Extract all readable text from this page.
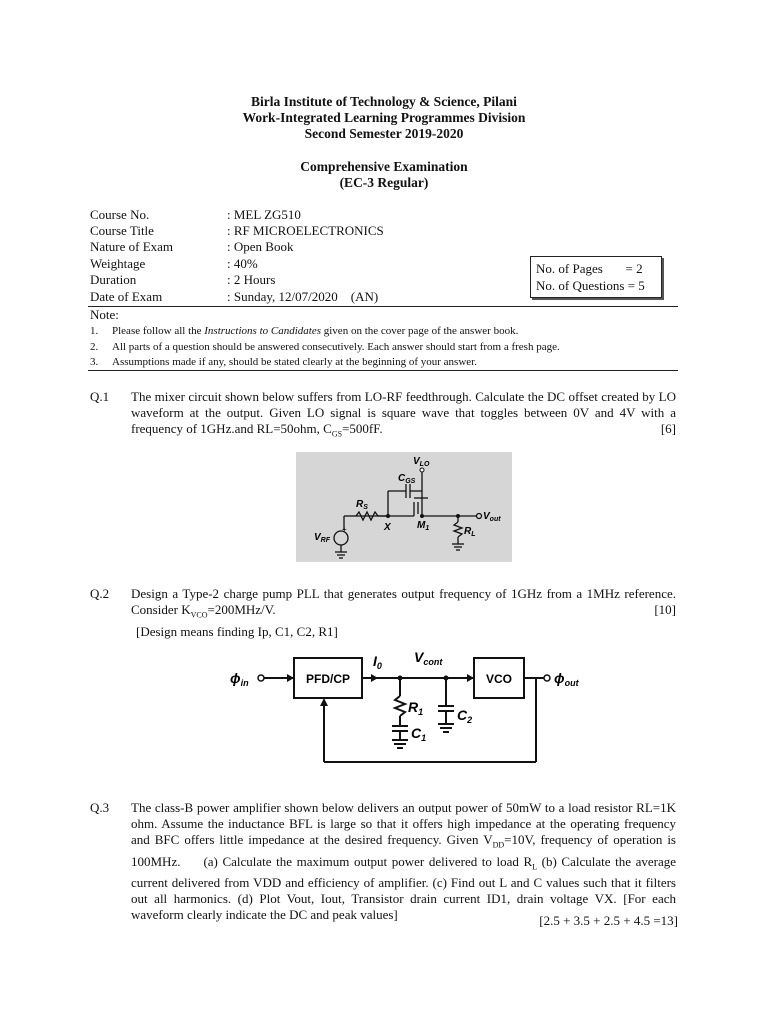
Birla Institute of Technology & Science, Pilani
Work-Integrated Learning Programmes Division
Second Semester 2019-2020
Comprehensive Examination
(EC-3 Regular)
Course No.	: MEL ZG510
Course Title	: RF MICROELECTRONICS
Nature of Exam	: Open Book
Weightage	: 40%
Duration	: 2 Hours
Date of Exam	: Sunday, 12/07/2020    (AN)
No. of Pages       = 2
No. of Questions = 5
Note:
1. Please follow all the Instructions to Candidates given on the cover page of the answer book.
2. All parts of a question should be answered consecutively. Each answer should start from a fresh page.
3. Assumptions made if any, should be stated clearly at the beginning of your answer.
Q.1 The mixer circuit shown below suffers from LO-RF feedthrough. Calculate the DC offset created by LO waveform at the output. Given LO signal is square wave that toggles between 0V and 4V with a frequency of 1GHz.and RL=50ohm, $C_{GS}=500fF$.	[6]

$V_{LO}$
$C_{GS}$
$R_S$
$V_{out}$
X	$M_1$	$R_L$
$V_{RF}$
+
Q.2 Design a Type-2 charge pump PLL that generates output frequency of 1GHz from a 1MHz reference. Consider $K_{VCO}=200MHz/V$.	[10]

[Design means finding Ip, C1, C2, R1]

PFD/CP	VCO
$\phi_{in}$	$\phi_{out}$
$I_0$
$V_{cont}$
$R_1$
$C_1$
$C_2$
Q.3 The class-B power amplifier shown below delivers an output power of 50mW to a load resistor RL=1K ohm. Assume the inductance BFL is large so that it offers high impedance at the operating frequency and BFC offers little impedance at the desired frequency. Given $V_{DD}=10V$, frequency of operation is 100MHz.     (a) Calculate the maximum output power delivered to load $R_L$ (b) Calculate the average current delivered from VDD and efficiency of amplifier. (c) Find out L and C values such that it filters out all harmonics. (d) Plot Vout, Iout, Transistor drain current ID1, drain voltage VX. [For each waveform clearly indicate the DC and peak values]	[2.5 + 3.5 + 2.5 + 4.5 =13]
